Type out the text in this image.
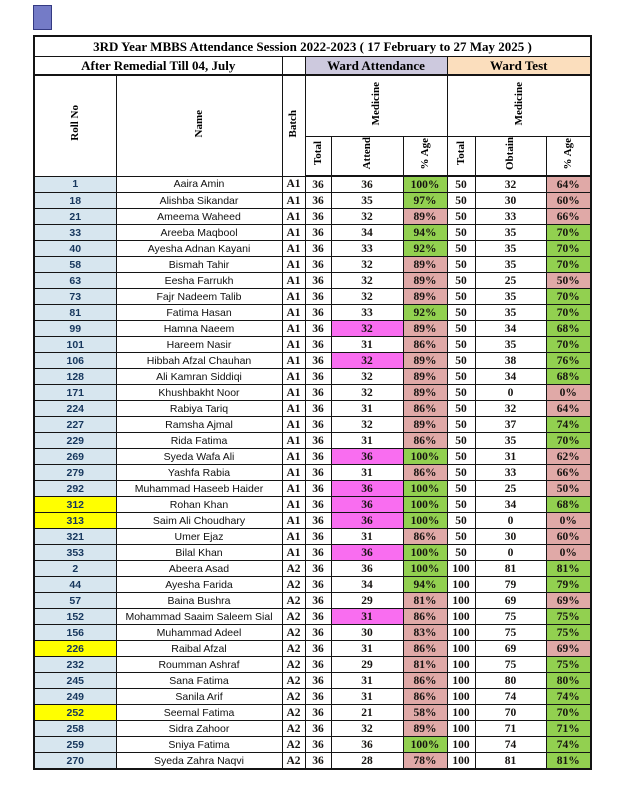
3RD Year MBBS Attendance Session 2022-2023 ( 17 February to 27 May 2025 )								
After Remedial Till 04, July			Ward Attendance			Ward Test		
Roll No	Name	Batch	Medicine			Medicine		
			Total	Attend	% Age	Total	Obtain	% Age
1	Aaira Amin	A1	36	36	100%	50	32	64%
18	Alishba Sikandar	A1	36	35	97%	50	30	60%
21	Ameema Waheed	A1	36	32	89%	50	33	66%
33	Areeba Maqbool	A1	36	34	94%	50	35	70%
40	Ayesha Adnan Kayani	A1	36	33	92%	50	35	70%
58	Bismah Tahir	A1	36	32	89%	50	35	70%
63	Eesha Farrukh	A1	36	32	89%	50	25	50%
73	Fajr Nadeem Talib	A1	36	32	89%	50	35	70%
81	Fatima Hasan	A1	36	33	92%	50	35	70%
99	Hamna Naeem	A1	36	32	89%	50	34	68%
101	Hareem Nasir	A1	36	31	86%	50	35	70%
106	Hibbah Afzal Chauhan	A1	36	32	89%	50	38	76%
128	Ali Kamran Siddiqi	A1	36	32	89%	50	34	68%
171	Khushbakht Noor	A1	36	32	89%	50	0	0%
224	Rabiya Tariq	A1	36	31	86%	50	32	64%
227	Ramsha Ajmal	A1	36	32	89%	50	37	74%
229	Rida Fatima	A1	36	31	86%	50	35	70%
269	Syeda Wafa Ali	A1	36	36	100%	50	31	62%
279	Yashfa Rabia	A1	36	31	86%	50	33	66%
292	Muhammad Haseeb Haider	A1	36	36	100%	50	25	50%
312	Rohan Khan	A1	36	36	100%	50	34	68%
313	Saim Ali Choudhary	A1	36	36	100%	50	0	0%
321	Umer Ejaz	A1	36	31	86%	50	30	60%
353	Bilal Khan	A1	36	36	100%	50	0	0%
2	Abeera Asad	A2	36	36	100%	100	81	81%
44	Ayesha Farida	A2	36	34	94%	100	79	79%
57	Baina Bushra	A2	36	29	81%	100	69	69%
152	Mohammad Saaim Saleem Sial	A2	36	31	86%	100	75	75%
156	Muhammad Adeel	A2	36	30	83%	100	75	75%
226	Raibal Afzal	A2	36	31	86%	100	69	69%
232	Roumman Ashraf	A2	36	29	81%	100	75	75%
245	Sana Fatima	A2	36	31	86%	100	80	80%
249	Sanila Arif	A2	36	31	86%	100	74	74%
252	Seemal Fatima	A2	36	21	58%	100	70	70%
258	Sidra Zahoor	A2	36	32	89%	100	71	71%
259	Sniya Fatima	A2	36	36	100%	100	74	74%
270	Syeda Zahra Naqvi	A2	36	28	78%	100	81	81%
